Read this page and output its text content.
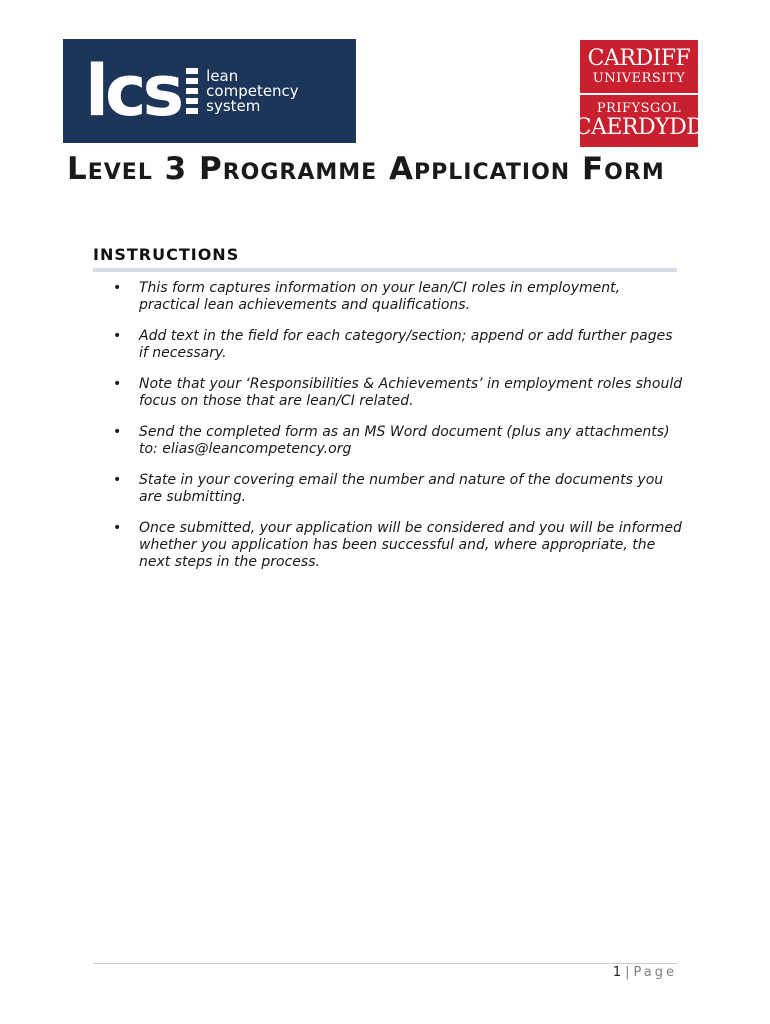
lcs lean
competency
system
CARDIFF
UNIVERSITY
PRIFYSGOL
CAERDYDD
Level 3 Programme Application Form
INSTRUCTIONS
• This form captures information on your lean/CI roles in employment, practical lean achievements and qualifications.
• Add text in the field for each category/section; append or add further pages if necessary.
• Note that your ‘Responsibilities & Achievements’ in employment roles should focus on those that are lean/CI related.
• Send the completed form as an MS Word document (plus any attachments) to: elias@leancompetency.org
• State in your covering email the number and nature of the documents you are submitting.
• Once submitted, your application will be considered and you will be informed whether you application has been successful and, where appropriate, the next steps in the process.
1 | Page
